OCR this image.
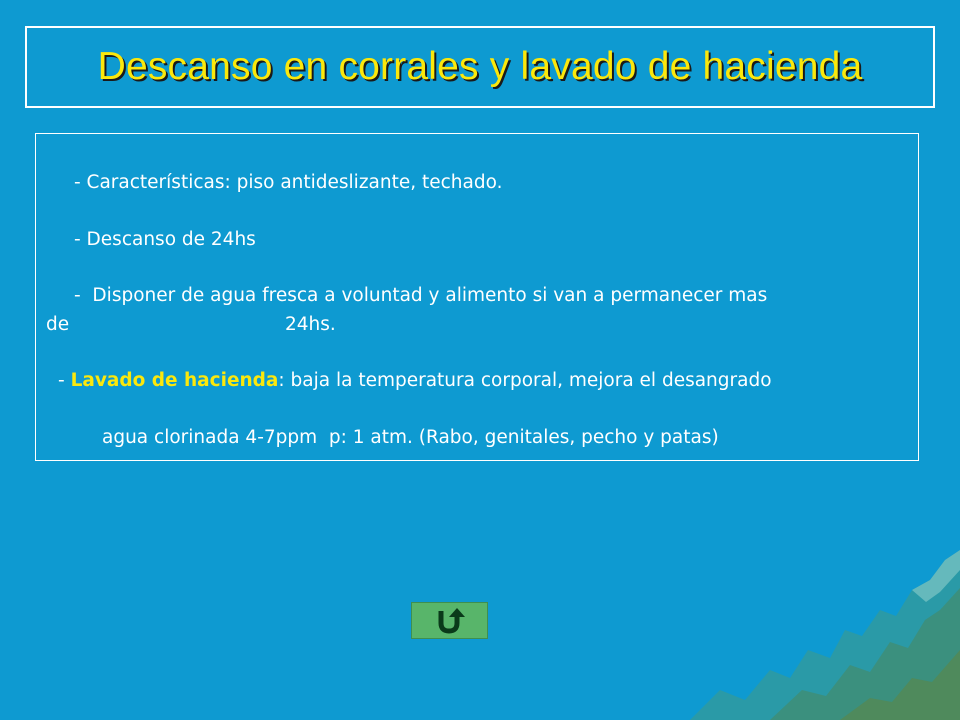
Descanso en corrales y lavado de hacienda

- Características: piso antideslizante, techado.

- Descanso de 24hs

-  Disponer de agua fresca a voluntad y alimento si van a permanecer mas

de	24hs.

- Lavado de hacienda: baja la temperatura corporal, mejora el desangrado

agua clorinada 4-7ppm  p: 1 atm. (Rabo, genitales, pecho y patas)
